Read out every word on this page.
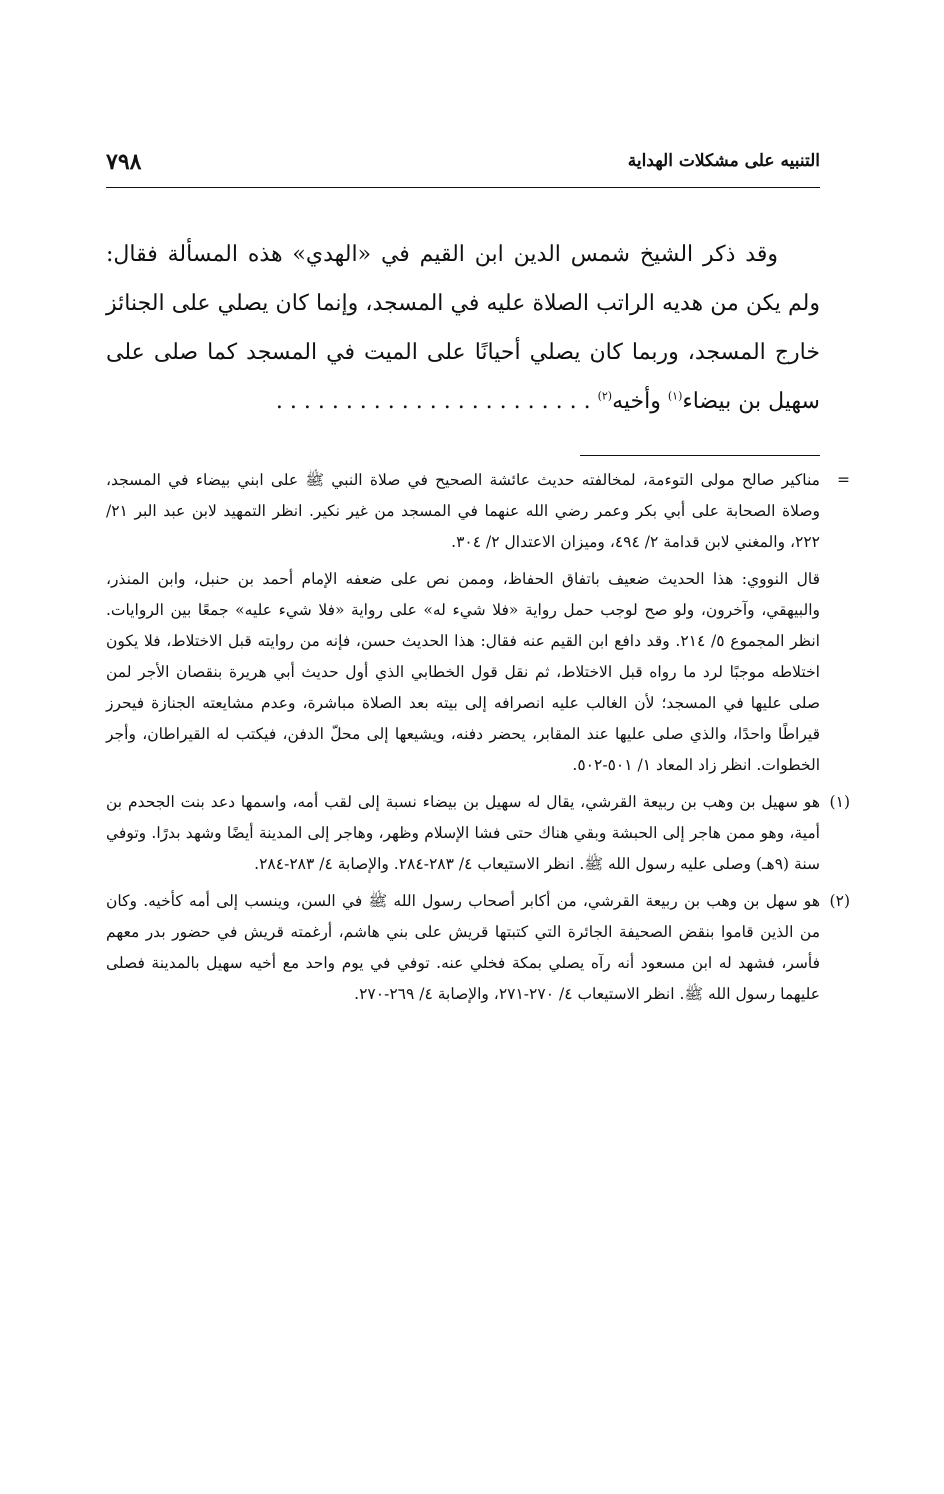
التنبيه على مشكلات الهداية
٧٩٨

وقد ذكر الشيخ شمس الدين ابن القيم في «الهدي» هذه المسألة فقال: ولم يكن من هديه الراتب الصلاة عليه في المسجد، وإنما كان يصلي على الجنائز خارج المسجد، وربما كان يصلي أحيانًا على الميت في المسجد كما صلى على سهيل بن بيضاء$^{(١)}$ وأخيه$^{(٢)}$ . . . . . . . . . . . . . . . . . . . . . . .

=

مناكير صالح مولى التوءمة، لمخالفته حديث عائشة الصحيح في صلاة النبي ﷺ على ابني بيضاء في المسجد، وصلاة الصحابة على أبي بكر وعمر رضي الله عنهما في المسجد من غير نكير. انظر التمهيد لابن عبد البر ٢١/ ٢٢٢، والمغني لابن قدامة ٢/ ٤٩٤، وميزان الاعتدال ٢/ ٣٠٤.

قال النووي: هذا الحديث ضعيف باتفاق الحفاظ، وممن نص على ضعفه الإمام أحمد بن حنبل، وابن المنذر، والبيهقي، وآخرون، ولو صح لوجب حمل رواية «فلا شيء له» على رواية «فلا شيء عليه» جمعًا بين الروايات. انظر المجموع ٥/ ٢١٤. وقد دافع ابن القيم عنه فقال: هذا الحديث حسن، فإنه من روايته قبل الاختلاط، فلا يكون اختلاطه موجبًا لرد ما رواه قبل الاختلاط، ثم نقل قول الخطابي الذي أول حديث أبي هريرة بنقصان الأجر لمن صلى عليها في المسجد؛ لأن الغالب عليه انصرافه إلى بيته بعد الصلاة مباشرة، وعدم مشايعته الجنازة فيحرز قيراطًا واحدًا، والذي صلى عليها عند المقابر، يحضر دفنه، ويشيعها إلى محلّ الدفن، فيكتب له القيراطان، وأجر الخطوات. انظر زاد المعاد ١/ ٥٠١-٥٠٢.

(١)

هو سهيل بن وهب بن ربيعة القرشي، يقال له سهيل بن بيضاء نسبة إلى لقب أمه، واسمها دعد بنت الجحدم بن أمية، وهو ممن هاجر إلى الحبشة وبقي هناك حتى فشا الإسلام وظهر، وهاجر إلى المدينة أيضًا وشهد بدرًا. وتوفي سنة (٩هـ) وصلى عليه رسول الله ﷺ. انظر الاستيعاب ٤/ ٢٨٣-٢٨٤. والإصابة ٤/ ٢٨٣-٢٨٤.

(٢)

هو سهل بن وهب بن ربيعة القرشي، من أكابر أصحاب رسول الله ﷺ في السن، وينسب إلى أمه كأخيه. وكان من الذين قاموا بنقض الصحيفة الجائرة التي كتبتها قريش على بني هاشم، أرغمته قريش في حضور بدر معهم فأسر، فشهد له ابن مسعود أنه رآه يصلي بمكة فخلي عنه. توفي في يوم واحد مع أخيه سهيل بالمدينة فصلى عليهما رسول الله ﷺ. انظر الاستيعاب ٤/ ٢٧٠-٢٧١، والإصابة ٤/ ٢٦٩-٢٧٠.
